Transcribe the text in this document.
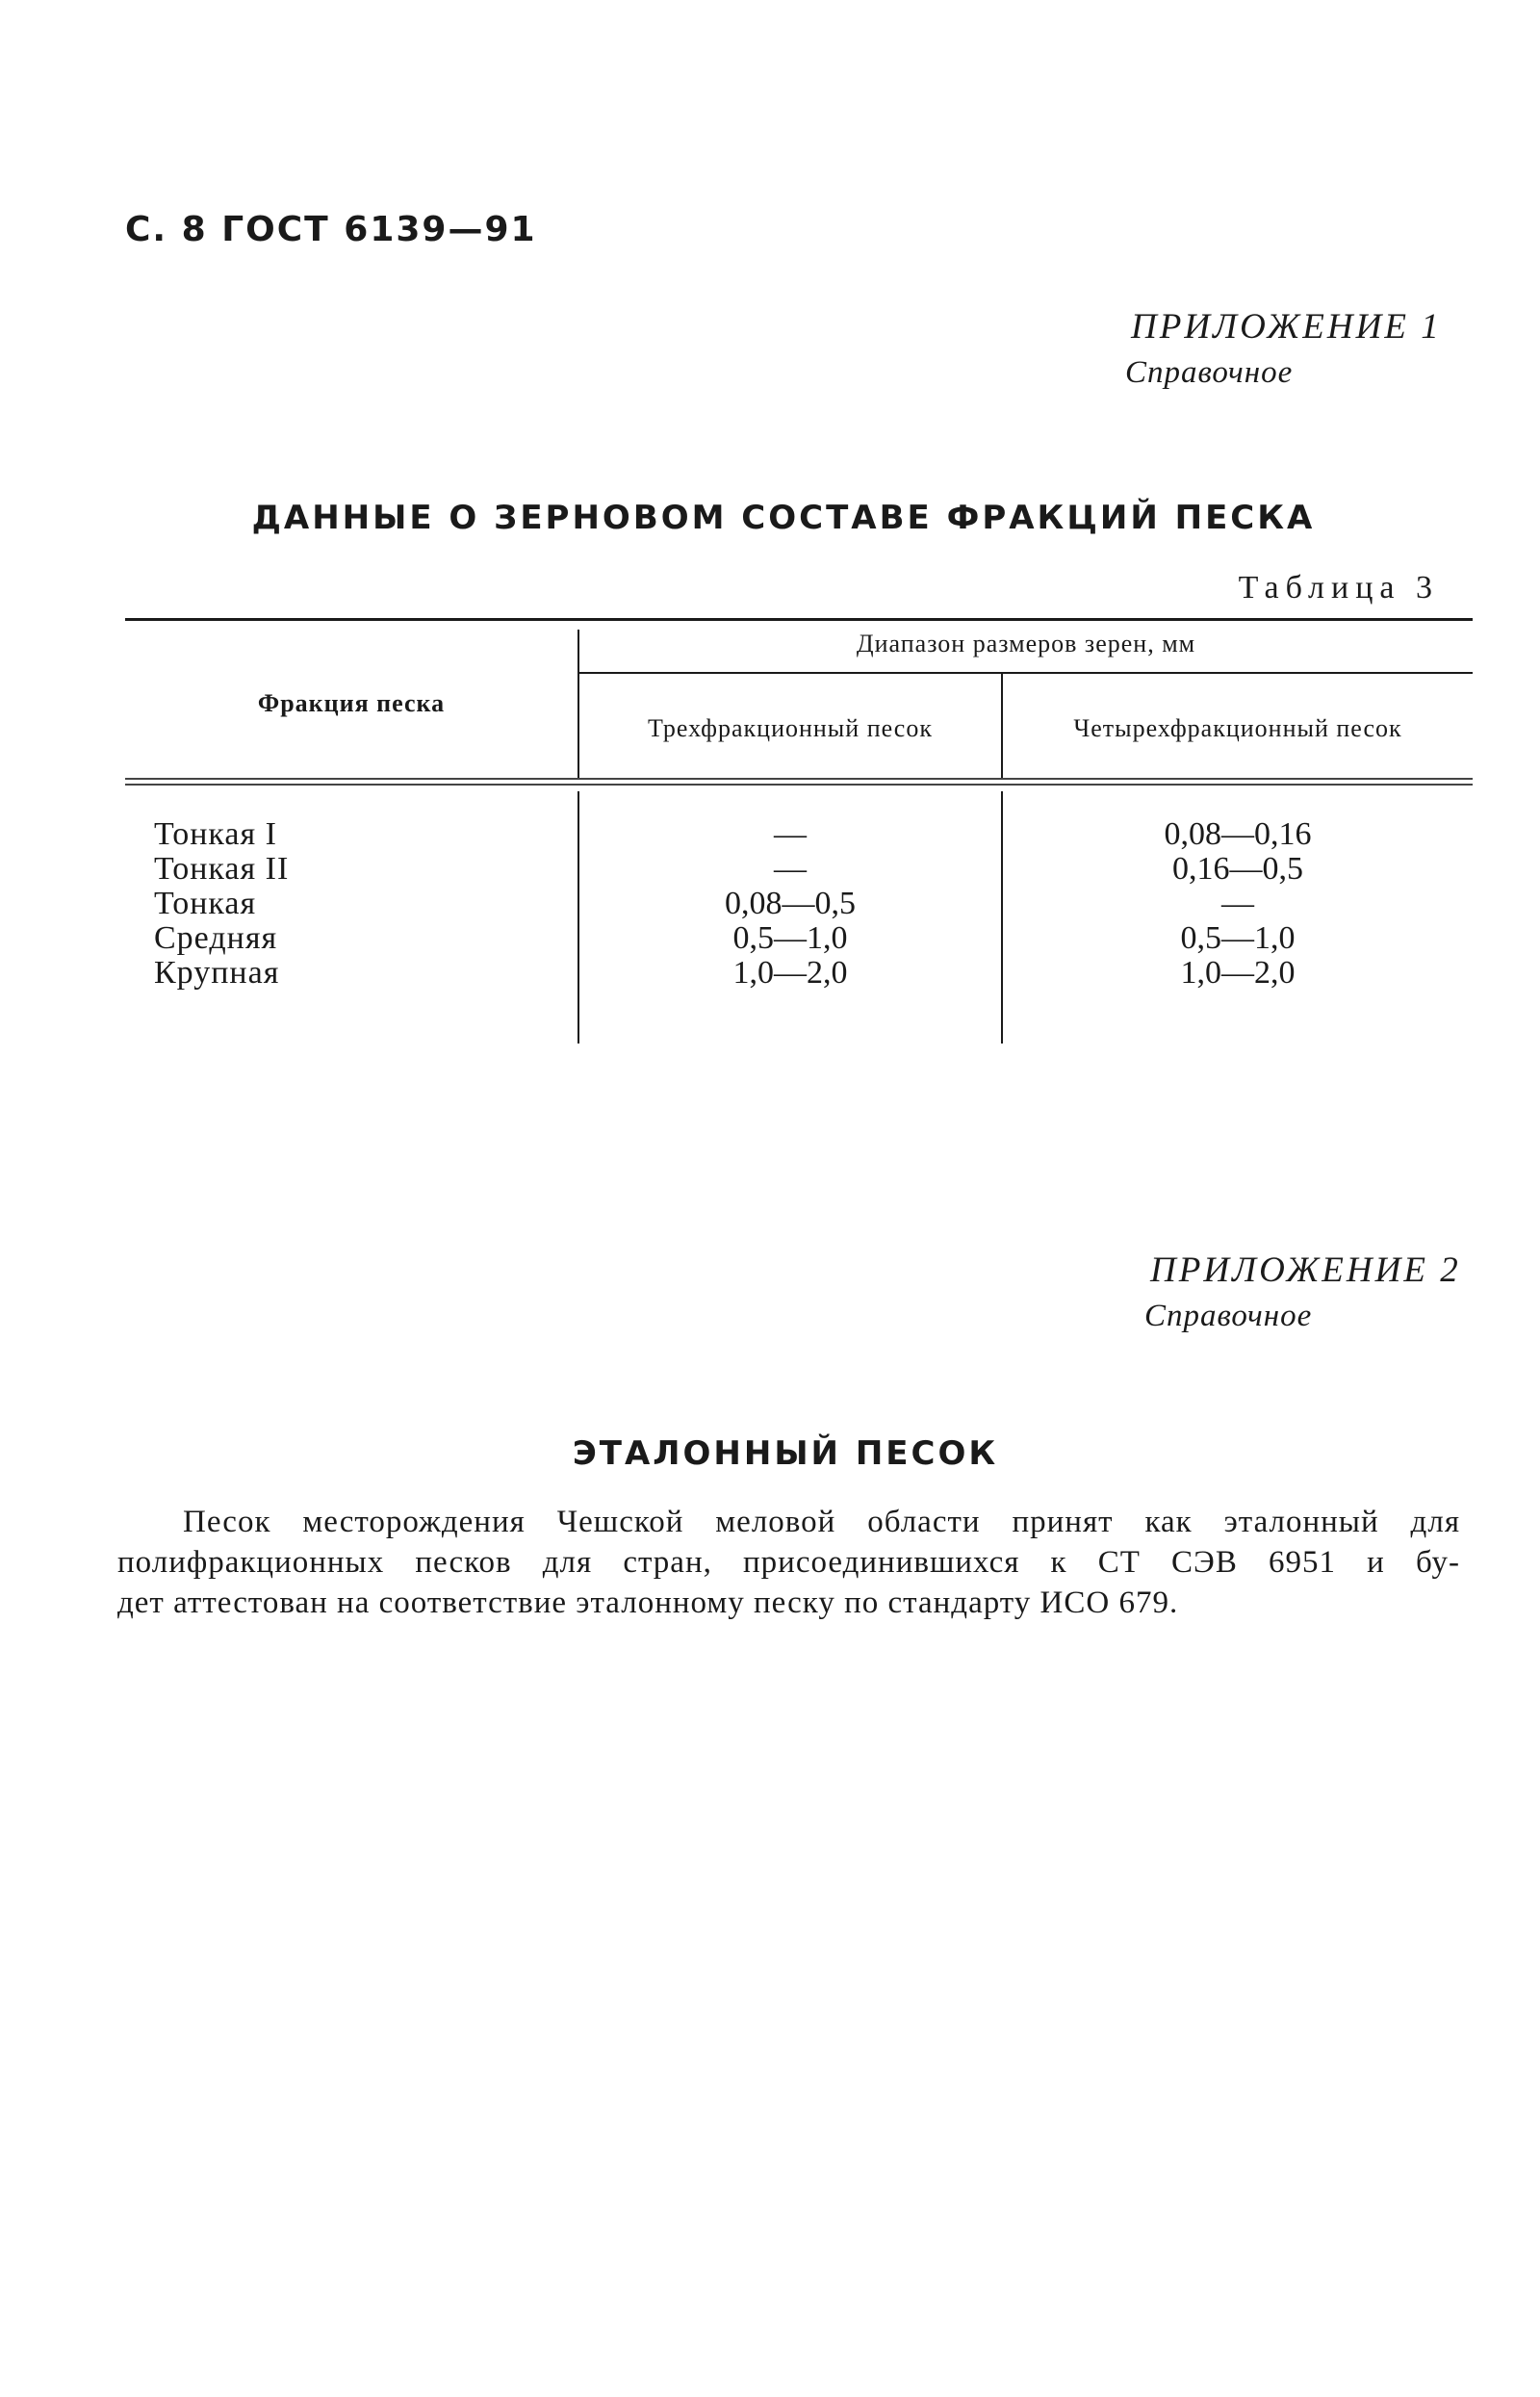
С. 8 ГОСТ 6139—91
ПРИЛОЖЕНИЕ 1
Справочное
ДАННЫЕ О ЗЕРНОВОМ СОСТАВЕ ФРАКЦИЙ ПЕСКА
Таблица 3
Фракция песка
Диапазон размеров зерен, мм
Трехфракционный песок	Четырехфракционный песок
Тонкая I	—	0,08—0,16
Тонкая II	—	0,16—0,5
Тонкая	0,08—0,5	—
Средняя	0,5—1,0	0,5—1,0
Крупная	1,0—2,0	1,0—2,0
ПРИЛОЖЕНИЕ 2
Справочное
ЭТАЛОННЫЙ ПЕСОК
Песок месторождения Чешской меловой области принят как эталонный для
полифракционных песков для стран, присоединившихся к СТ СЭВ 6951 и бу-
дет аттестован на соответствие эталонному песку по стандарту ИСО 679.
